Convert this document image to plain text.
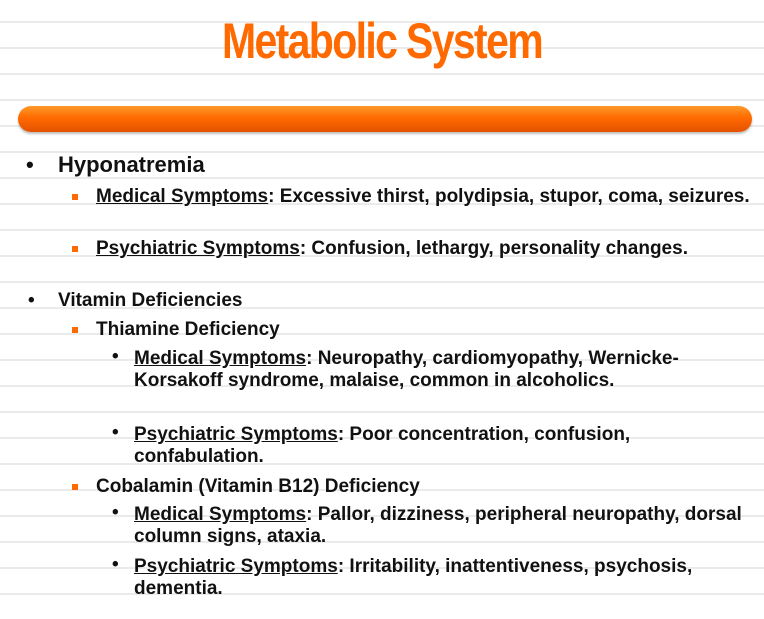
Metabolic System
• Hyponatremia
Medical Symptoms: Excessive thirst, polydipsia, stupor, coma, seizures.
Psychiatric Symptoms: Confusion, lethargy, personality changes.
• Vitamin Deficiencies
Thiamine Deficiency
• Medical Symptoms: Neuropathy, cardiomyopathy, Wernicke-Korsakoff syndrome, malaise, common in alcoholics.
• Psychiatric Symptoms: Poor concentration, confusion, confabulation.
Cobalamin (Vitamin B12) Deficiency
• Medical Symptoms: Pallor, dizziness, peripheral neuropathy, dorsal column signs, ataxia.
• Psychiatric Symptoms: Irritability, inattentiveness, psychosis, dementia.
